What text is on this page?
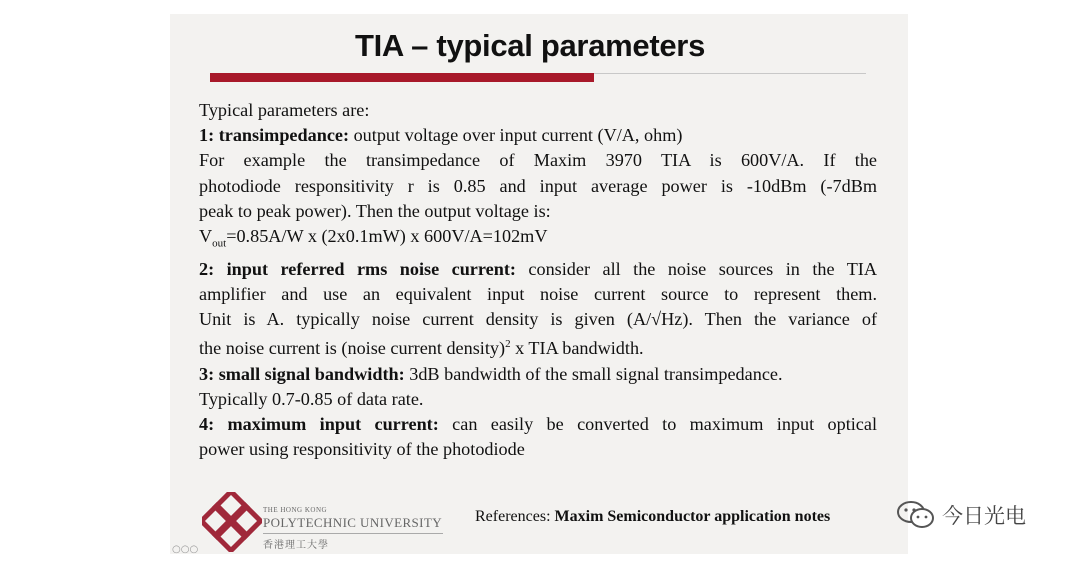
TIA – typical parameters

Typical parameters are:

1: transimpedance: output voltage over input current (V/A, ohm)

For example the transimpedance of Maxim 3970 TIA is 600V/A. If the

photodiode responsitivity r is 0.85 and input average power is -10dBm (-7dBm

peak to peak power). Then the output voltage is:

$V_{out}=0.85A/W$ x (2x0.1mW) x 600V/A=102mV

2: input referred rms noise current: consider all the noise sources in the TIA

amplifier and use an equivalent input noise current source to represent them.

Unit is A. typically noise current density is given (A/√Hz). Then the variance of

the noise current is (noise current density)$^2$ x TIA bandwidth.

3: small signal bandwidth: 3dB bandwidth of the small signal transimpedance.

Typically 0.7-0.85 of data rate.

4: maximum input current: can easily be converted to maximum input optical

power using responsitivity of the photodiode

THE HONG KONG
POLYTECHNIC UNIVERSITY
香港理工大學
References: Maxim Semiconductor application notes
○○○
今日光电
